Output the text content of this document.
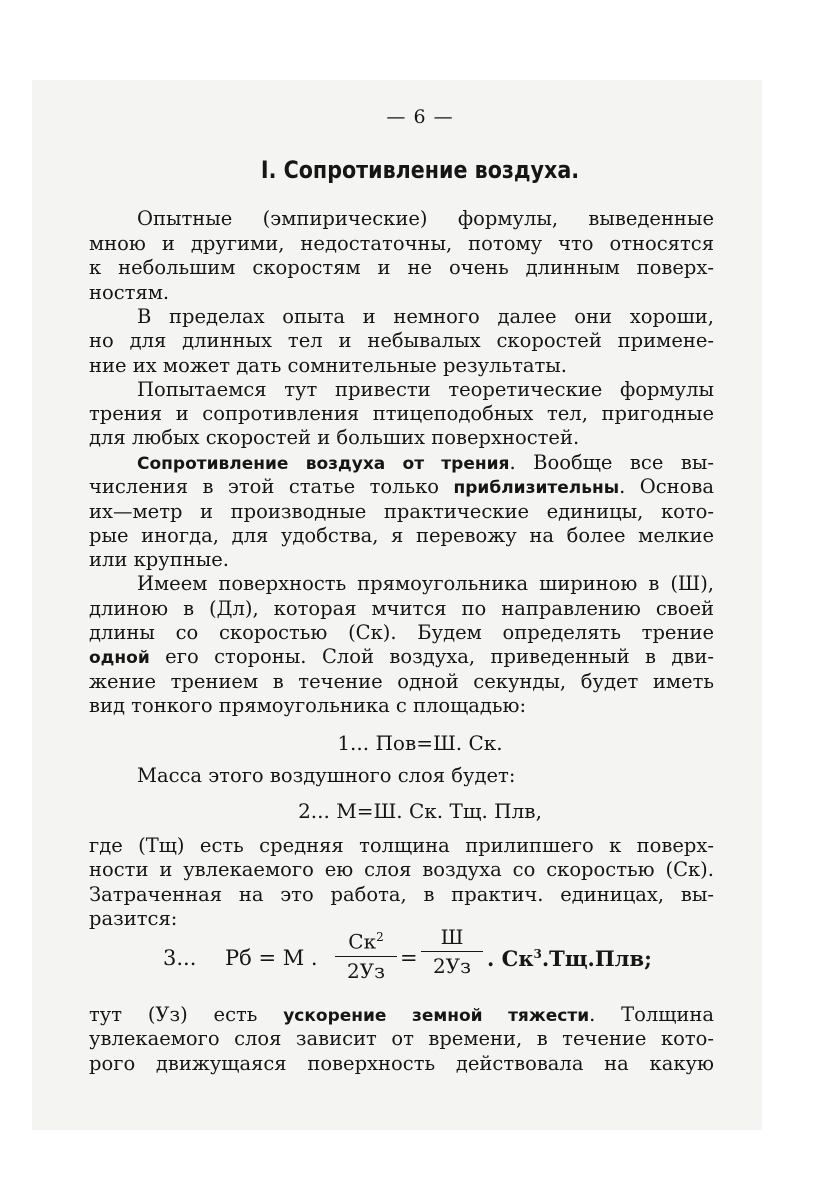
— 6 —
I. Сопротивление воздуха.

Опытные (эмпирические) формулы, выведенные

мною и другими, недостаточны, потому что относятся

к небольшим скоростям и не очень длинным поверх-

ностям.

В пределах опыта и немного далее они хороши,

но для длинных тел и небывалых скоростей примене-

ние их может дать сомнительные результаты.

Попытаемся тут привести теоретические формулы

трения и сопротивления птицеподобных тел, пригодные

для любых скоростей и больших поверхностей.

Сопротивление воздуха от трения. Вообще все вы-

числения в этой статье только приблизительны. Основа

их—метр и производные практические единицы, кото-

рые иногда, для удобства, я перевожу на более мелкие

или крупные.

Имеем поверхность прямоугольника шириною в (Ш),

длиною в (Дл), которая мчится по направлению своей

длины со скоростью (Ск). Будем определять трение

одной его стороны. Слой воздуха, приведенный в дви-

жение трением в течение одной секунды, будет иметь

вид тонкого прямоугольника с площадью:

1... Пов=Ш. Ск.

Масса этого воздушного слоя будет:

2... М=Ш. Ск. Тщ. Плв,

где (Тщ) есть средняя толщина прилипшего к поверх-

ности и увлекаемого ею слоя воздуха со скоростью (Ск).

Затраченная на это работа, в практич. единицах, вы-

разится:

3... Рб = М .
$Ск^2$
2Уз
=
Ш
2Уз . $Ск^3.Тщ.Плв$;

тут (Уз) есть ускорение земной тяжести. Толщина

увлекаемого слоя зависит от времени, в течение кото-

рого движущаяся поверхность действовала на какую
